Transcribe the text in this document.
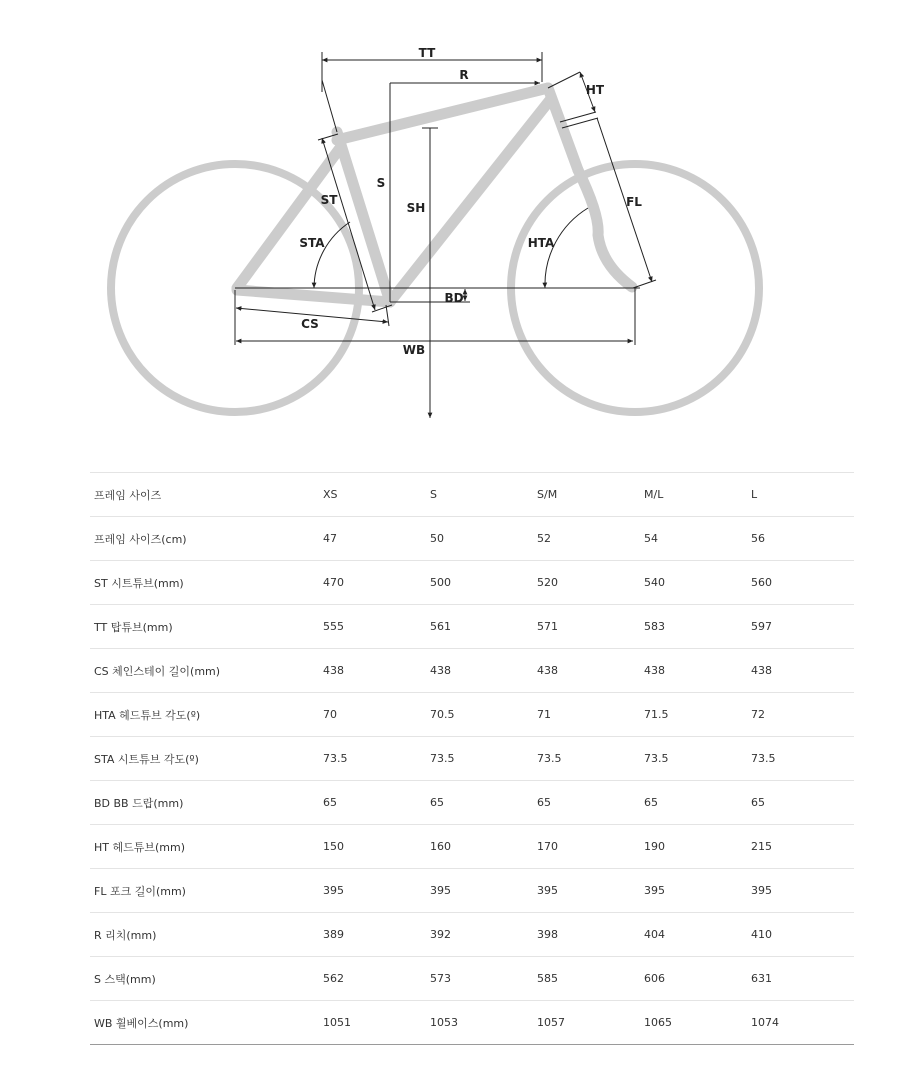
TT
R
HT
S
SH
ST
STA
FL
HTA
BD
CS
WB
프레임 사이즈	XS	S	S/M	M/L	L
프레임 사이즈(cm)	47	50	52	54	56
ST 시트튜브(mm)	470	500	520	540	560
TT 탑튜브(mm)	555	561	571	583	597
CS 체인스테이 길이(mm)	438	438	438	438	438
HTA 헤드튜브 각도(º)	70	70.5	71	71.5	72
STA 시트튜브 각도(º)	73.5	73.5	73.5	73.5	73.5
BD BB 드랍(mm)	65	65	65	65	65
HT 헤드튜브(mm)	150	160	170	190	215
FL 포크 길이(mm)	395	395	395	395	395
R 리치(mm)	389	392	398	404	410
S 스택(mm)	562	573	585	606	631
WB 휠베이스(mm)	1051	1053	1057	1065	1074
